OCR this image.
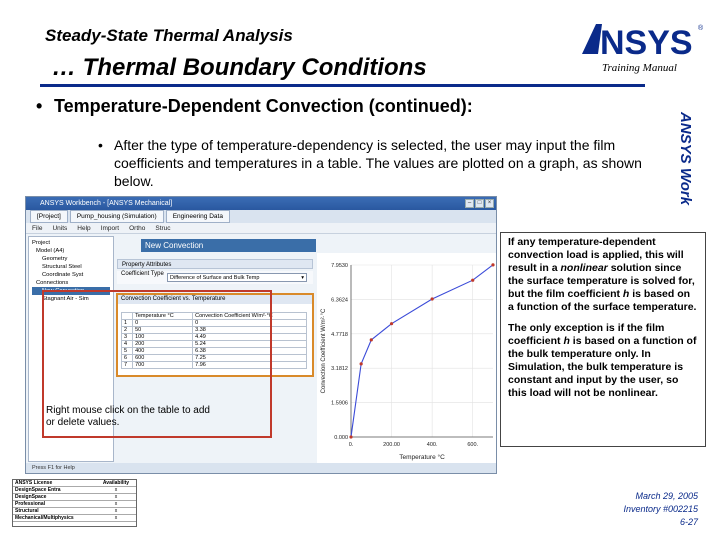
Steady-State Thermal Analysis
… Thermal Boundary Conditions
NSYS ®
Training Manual
ANSYS Work
• Temperature-Dependent Convection (continued):
• After the type of temperature-dependency is selected, the user may input the film coefficients and temperatures in a table. The values are plotted on a graph, as shown below.
ANSYS Workbench - [ANSYS Mechanical]	–	□	×
[Project]	Pump_housing (Simulation)	Engineering Data
File Units Help Import Ortho Struc
Project
Model (A4)
Geometry
Structural Steel
Coordinate Syst
Connections
New Convection
Stagnant Air - Sim
New Convection
Property Attributes
Coefficient Type
Difference of Surface and Bulk Temp	▾
Convection Coefficient vs. Temperature
	Temperature °C	Convection Coefficient W/m²·°C
1	0	0
2	50	3.38
3	100	4.49
4	200	5.24
5	400	6.38
6	600	7.25
7	700	7.96
0.000
1.5906
3.1812
4.7718
6.3624
7.9530
0.	200.00	400.	600.
Temperature °C
Convection Coefficient W/m²·°C
Press F1 for Help
Right mouse click on the table to add or delete values.

If any temperature-dependent convection load is applied, this will result in a nonlinear solution since the surface temperature is solved for, but the film coefficient h is based on a function of the surface temperature.

The only exception is if the film coefficient h is based on a function of the bulk temperature only. In Simulation, the bulk temperature is constant and input by the user, so this load will not be nonlinear.

ANSYS License	Availability
DesignSpace Entra	x
DesignSpace	x
Professional	x
Structural	x
Mechanical/Multiphysics	x
March 29, 2005
Inventory #002215
6-27
